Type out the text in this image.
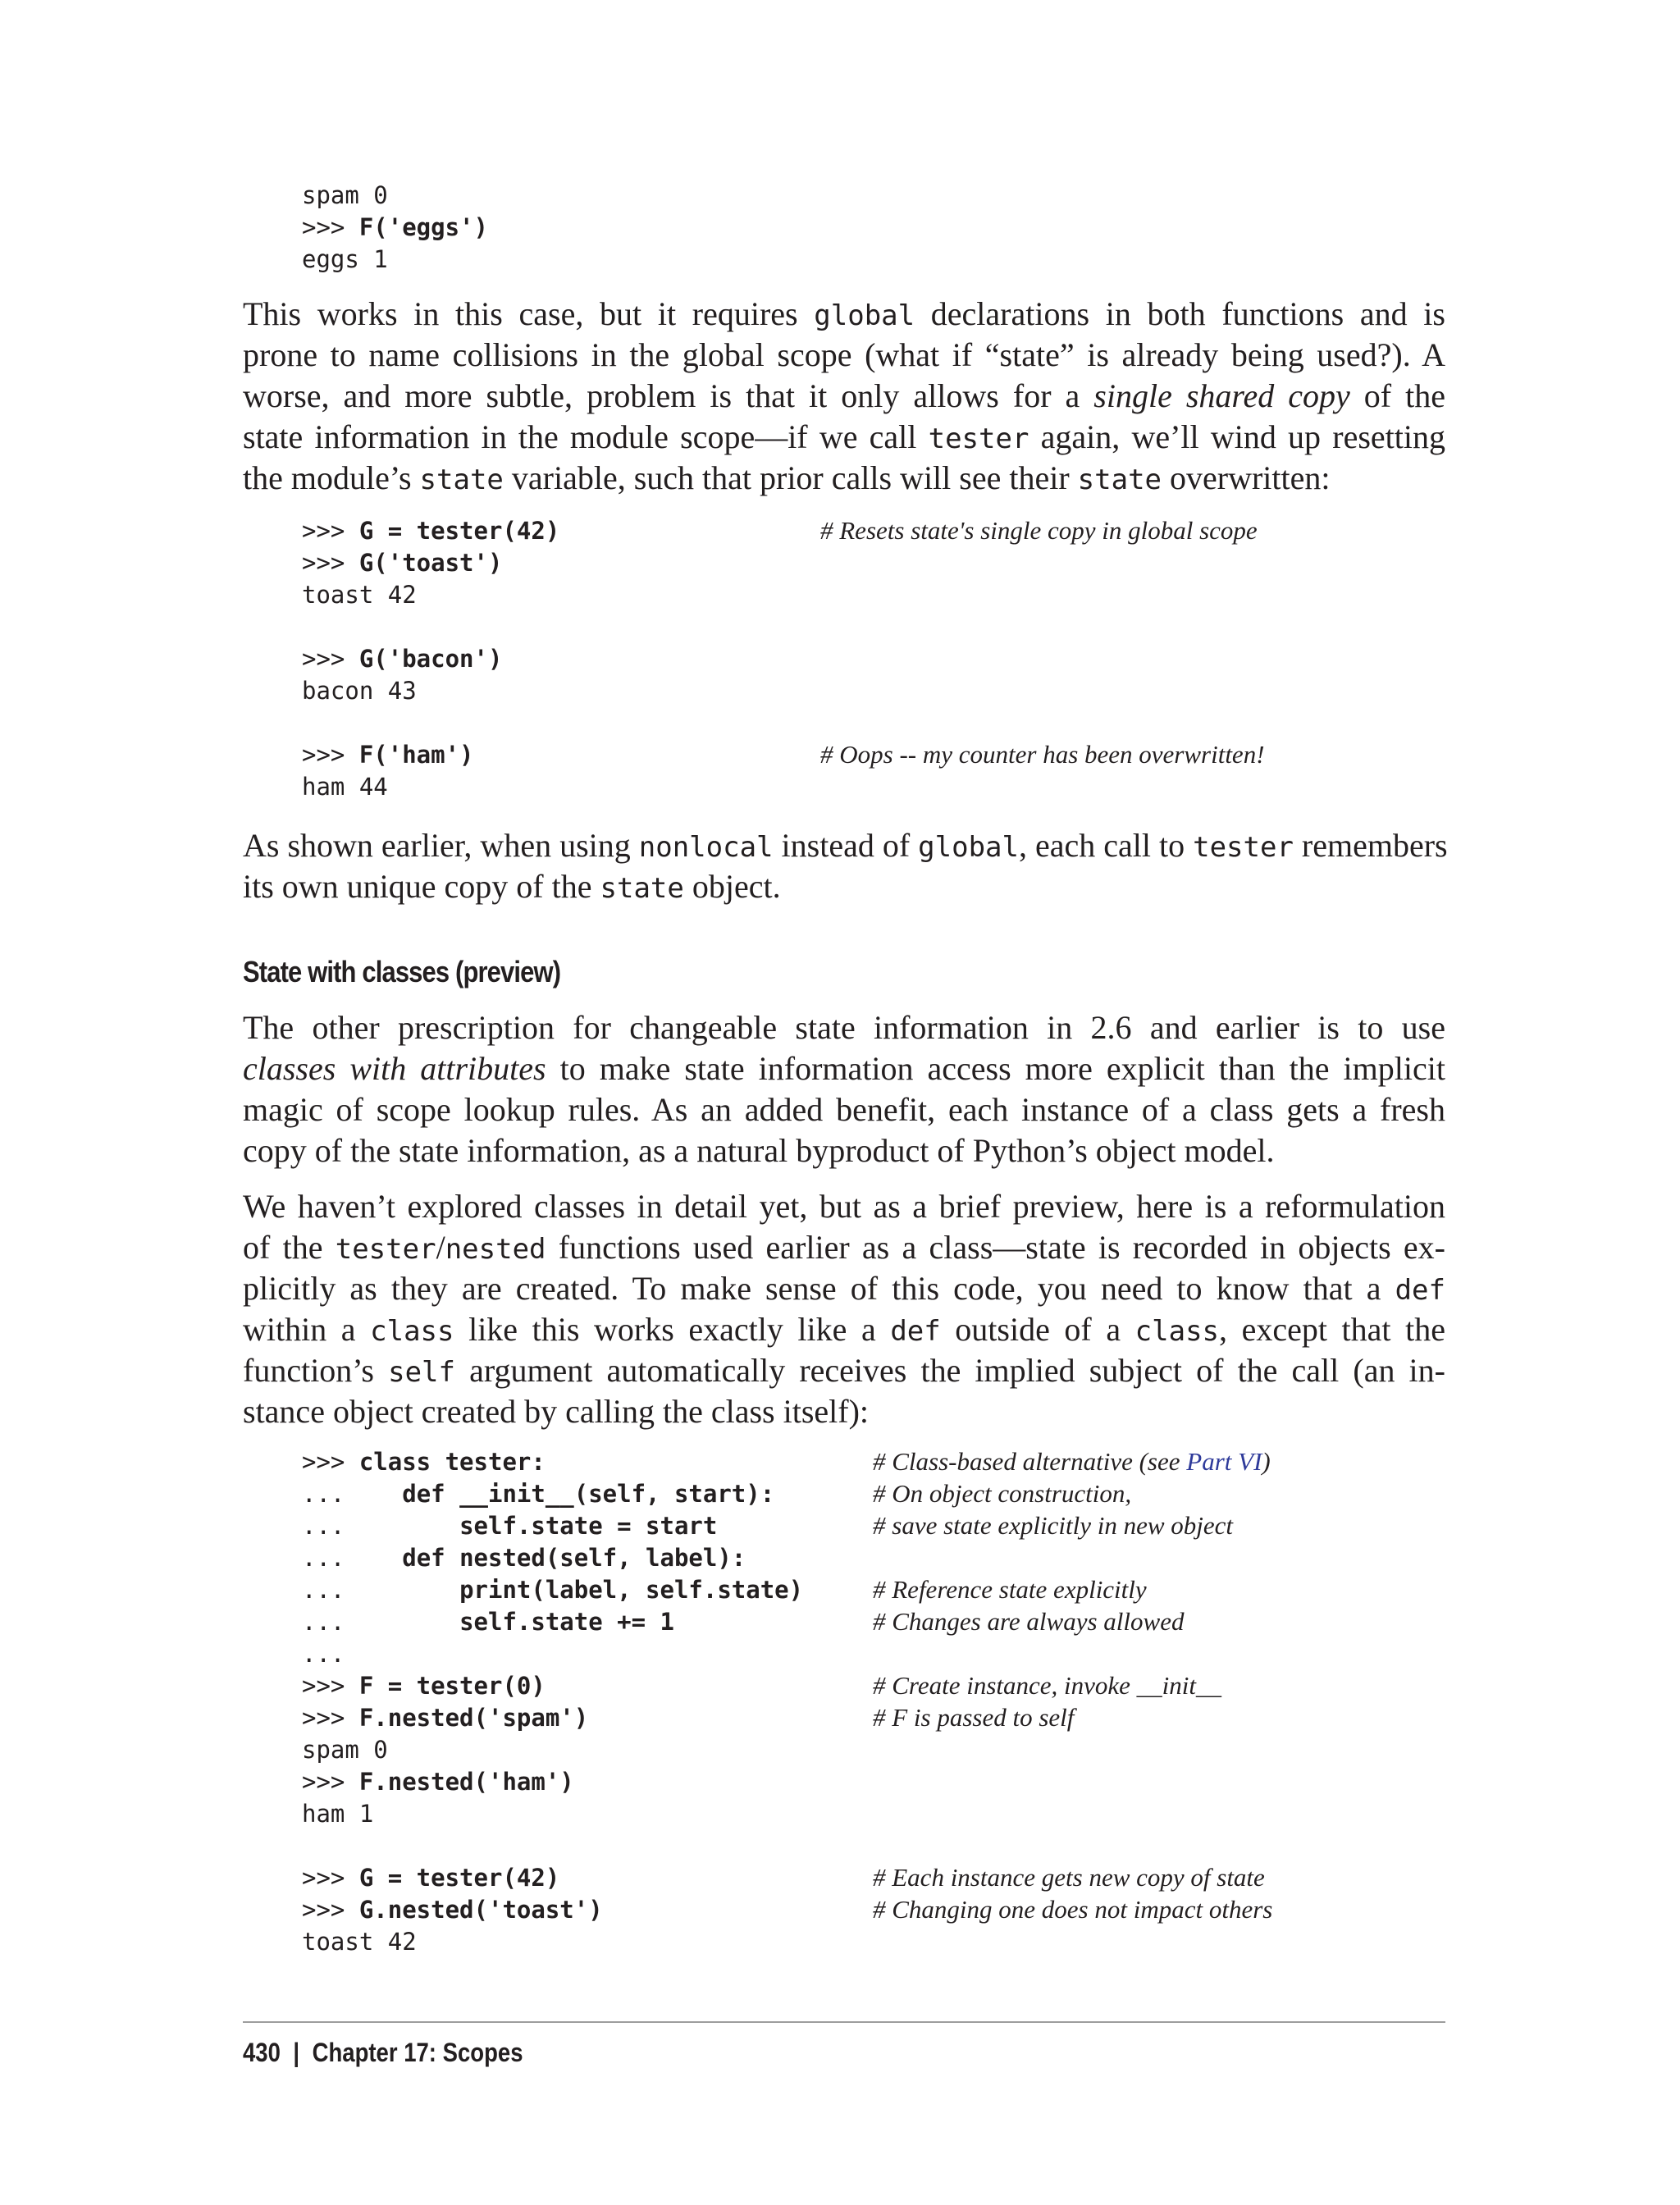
spam 0
>>> F('eggs')
eggs 1
This works in this case, but it requires global declarations in both functions and is
prone to name collisions in the global scope (what if “state” is already being used?). A
worse, and more subtle, problem is that it only allows for a single shared copy of the
state information in the module scope—if we call tester again, we’ll wind up resetting
the module’s state variable, such that prior calls will see their state overwritten:
>>> G = tester(42)	# Resets state's single copy in global scope
>>> G('toast')
toast 42
>>> G('bacon')
bacon 43
>>> F('ham')	# Oops -- my counter has been overwritten!
ham 44
As shown earlier, when using nonlocal instead of global, each call to tester remembers
its own unique copy of the state object.
State with classes (preview)
The other prescription for changeable state information in 2.6 and earlier is to use
classes with attributes to make state information access more explicit than the implicit
magic of scope lookup rules. As an added benefit, each instance of a class gets a fresh
copy of the state information, as a natural byproduct of Python’s object model.
We haven’t explored classes in detail yet, but as a brief preview, here is a reformulation
of the tester/nested functions used earlier as a class—state is recorded in objects ex-
plicitly as they are created. To make sense of this code, you need to know that a def
within a class like this works exactly like a def outside of a class, except that the
function’s self argument automatically receives the implied subject of the call (an in-
stance object created by calling the class itself):
>>> class tester:	# Class-based alternative (see Part VI)
...    def __init__(self, start):	# On object construction,
...        self.state = start	# save state explicitly in new object
...    def nested(self, label):
...        print(label, self.state)	# Reference state explicitly
...        self.state += 1	# Changes are always allowed
...
>>> F = tester(0)	# Create instance, invoke __init__
>>> F.nested('spam')	# F is passed to self
spam 0
>>> F.nested('ham')
ham 1
>>> G = tester(42)	# Each instance gets new copy of state
>>> G.nested('toast')	# Changing one does not impact others
toast 42
430 | Chapter 17: Scopes
